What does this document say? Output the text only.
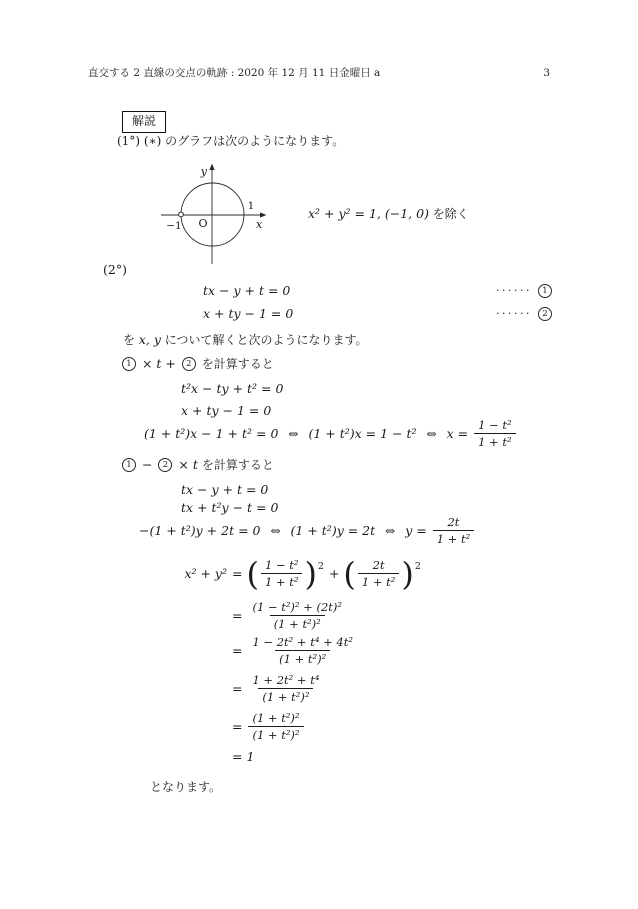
直交する 2 直線の交点の軌跡 : 2020 年 12 月 11 日金曜日 a	3
解説
(1°) (∗) のグラフは次のようになります。
y
x
O
1
−1
x² + y² = 1, (−1, 0) を除く
(2°)
tx − y + t = 0	······	1
x + ty − 1 = 0	······	2
を x, y について解くと次のようになります。
1 × t + 2 を計算すると
t²x − ty + t² = 0
x + ty − 1 = 0
(1 + t²)x − 1 + t² = 0 ⇔ (1 + t²)x = 1 − t² ⇔ $x = \frac{\text{1 − t²}}{\text{1 + t²}}$
1 − 2 × t を計算すると
tx − y + t = 0
tx + t²y − t = 0
−(1 + t²)y + 2t = 0 ⇔ (1 + t²)y = 2t ⇔ $y = \frac{2t}{\text{1 + t²}}$
x² + y² = ( $\frac{\text{1 − t²}}{\text{1 + t²}}$ ) 2 + ( $\frac{2t}{\text{1 + t²}}$ ) 2
= $\frac{\text{(1 − t²)² + (2t)²}}{\text{(1 + t²)²}}$
= $\frac{\text{1 − 2t² + t⁴ + 4t²}}{\text{(1 + t²)²}}$
= $\frac{\text{1 + 2t² + t⁴}}{\text{(1 + t²)²}}$
= $\frac{\text{(1 + t²)²}}{\text{(1 + t²)²}}$
= 1
となります。
